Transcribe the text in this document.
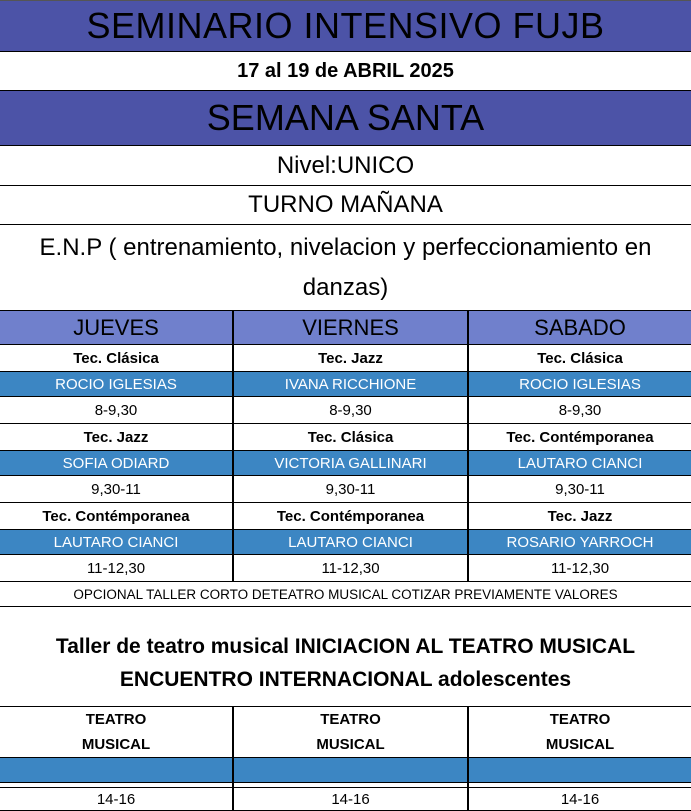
SEMINARIO INTENSIVO FUJB
17 al 19 de ABRIL 2025
SEMANA SANTA
Nivel:UNICO
TURNO MAÑANA
E.N.P ( entrenamiento, nivelacion y perfeccionamiento en danzas)
JUEVES	VIERNES	SABADO
Tec. Clásica	Tec. Jazz	Tec. Clásica
ROCIO IGLESIAS	IVANA RICCHIONE	ROCIO IGLESIAS
8-9,30	8-9,30	8-9,30
Tec. Jazz	Tec. Clásica	Tec. Contémporanea
SOFIA ODIARD	VICTORIA GALLINARI	LAUTARO CIANCI
9,30-11	9,30-11	9,30-11
Tec. Contémporanea	Tec. Contémporanea	Tec. Jazz
LAUTARO CIANCI	LAUTARO CIANCI	ROSARIO YARROCH
11-12,30	11-12,30	11-12,30
OPCIONAL TALLER CORTO DETEATRO MUSICAL COTIZAR PREVIAMENTE VALORES
Taller de teatro musical INICIACION AL TEATRO MUSICAL ENCUENTRO INTERNACIONAL adolescentes
TEATRO	TEATRO	TEATRO
MUSICAL	MUSICAL	MUSICAL
14-16	14-16	14-16
